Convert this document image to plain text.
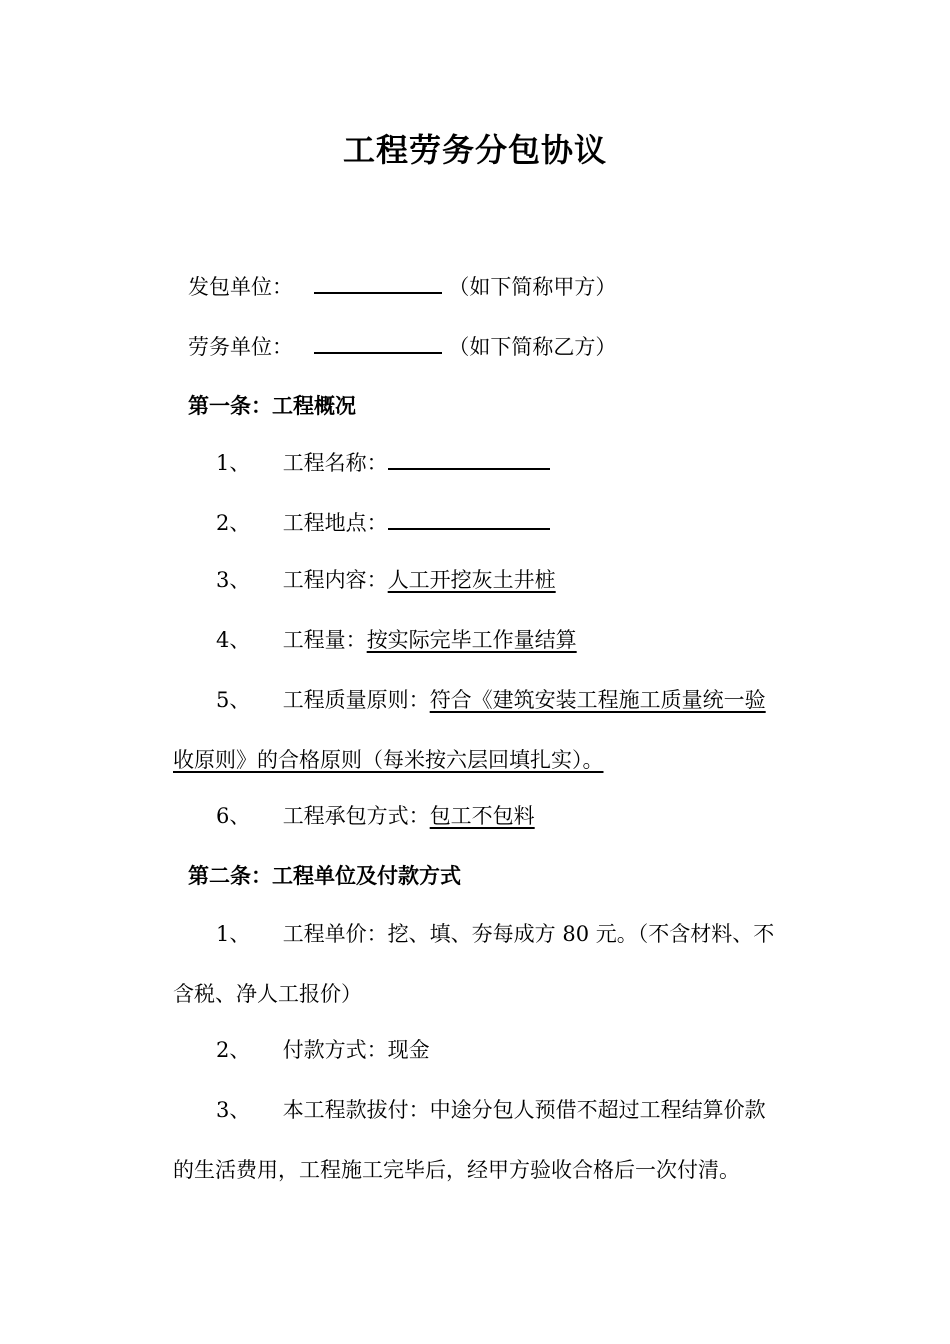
工程劳务分包协议
发包单位：	（如下简称甲方）
劳务单位：	（如下简称乙方）
第一条：工程概况
1、 工程名称：
2、 工程地点：
3、 工程内容：人工开挖灰土井桩
4、 工程量：按实际完毕工作量结算
5、 工程质量原则：符合《建筑安装工程施工质量统一验
收原则》的合格原则（每米按六层回填扎实）。
6、 工程承包方式：包工不包料
第二条：工程单位及付款方式
1、 工程单价：挖、填、夯每成方 80 元。（不含材料、不
含税、净人工报价）
2、 付款方式：现金
3、 本工程款拔付：中途分包人预借不超过工程结算价款
的生活费用，工程施工完毕后，经甲方验收合格后一次付清。
